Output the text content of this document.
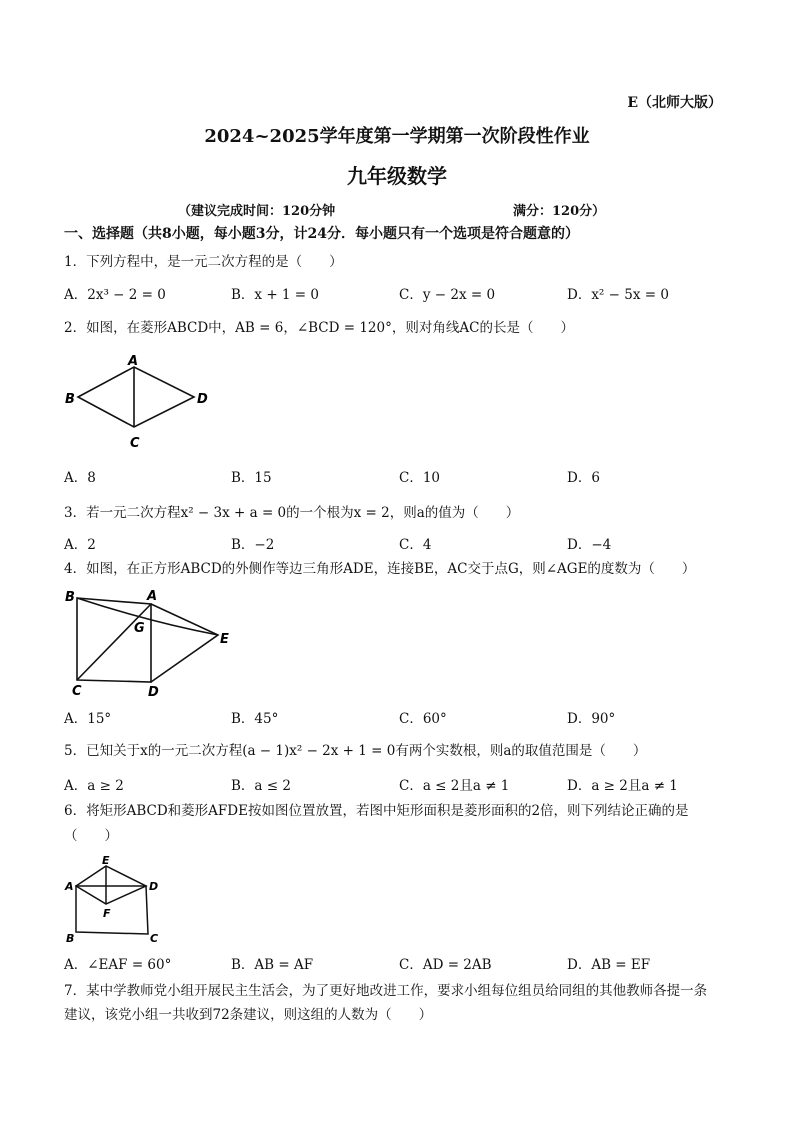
E（北师大版）
2024~2025学年度第一学期第一次阶段性作业
九年级数学
（建议完成时间：120分钟	满分：120分）
一、选择题（共8小题，每小题3分，计24分．每小题只有一个选项是符合题意的）
1．下列方程中，是一元二次方程的是（　　）
A．2x³ − 2 = 0	B．x + 1 = 0	C．y − 2x = 0	D．x² − 5x = 0
2．如图，在菱形ABCD中，AB = 6，∠BCD = 120°，则对角线AC的长是（　　）
A
B
C
D
A．8	B．15	C．10	D．6
3．若一元二次方程x² − 3x + a = 0的一个根为x = 2，则a的值为（　　）
A．2	B．−2	C．4	D．−4
4．如图，在正方形ABCD的外侧作等边三角形ADE，连接BE，AC交于点G，则∠AGE的度数为（　　）
B	A
G
E
C	D
A．15°	B．45°	C．60°	D．90°
5．已知关于x的一元二次方程(a − 1)x² − 2x + 1 = 0有两个实数根，则a的取值范围是（　　）
A．a ≥ 2	B．a ≤ 2	C．a ≤ 2且a ≠ 1	D．a ≥ 2且a ≠ 1
6．将矩形ABCD和菱形AFDE按如图位置放置，若图中矩形面积是菱形面积的2倍，则下列结论正确的是
（　　）
E
A	D
F
B	C
A．∠EAF = 60°	B．AB = AF	C．AD = 2AB	D．AB = EF
7．某中学教师党小组开展民主生活会，为了更好地改进工作，要求小组每位组员给同组的其他教师各提一条
建议，该党小组一共收到72条建议，则这组的人数为（　　）
